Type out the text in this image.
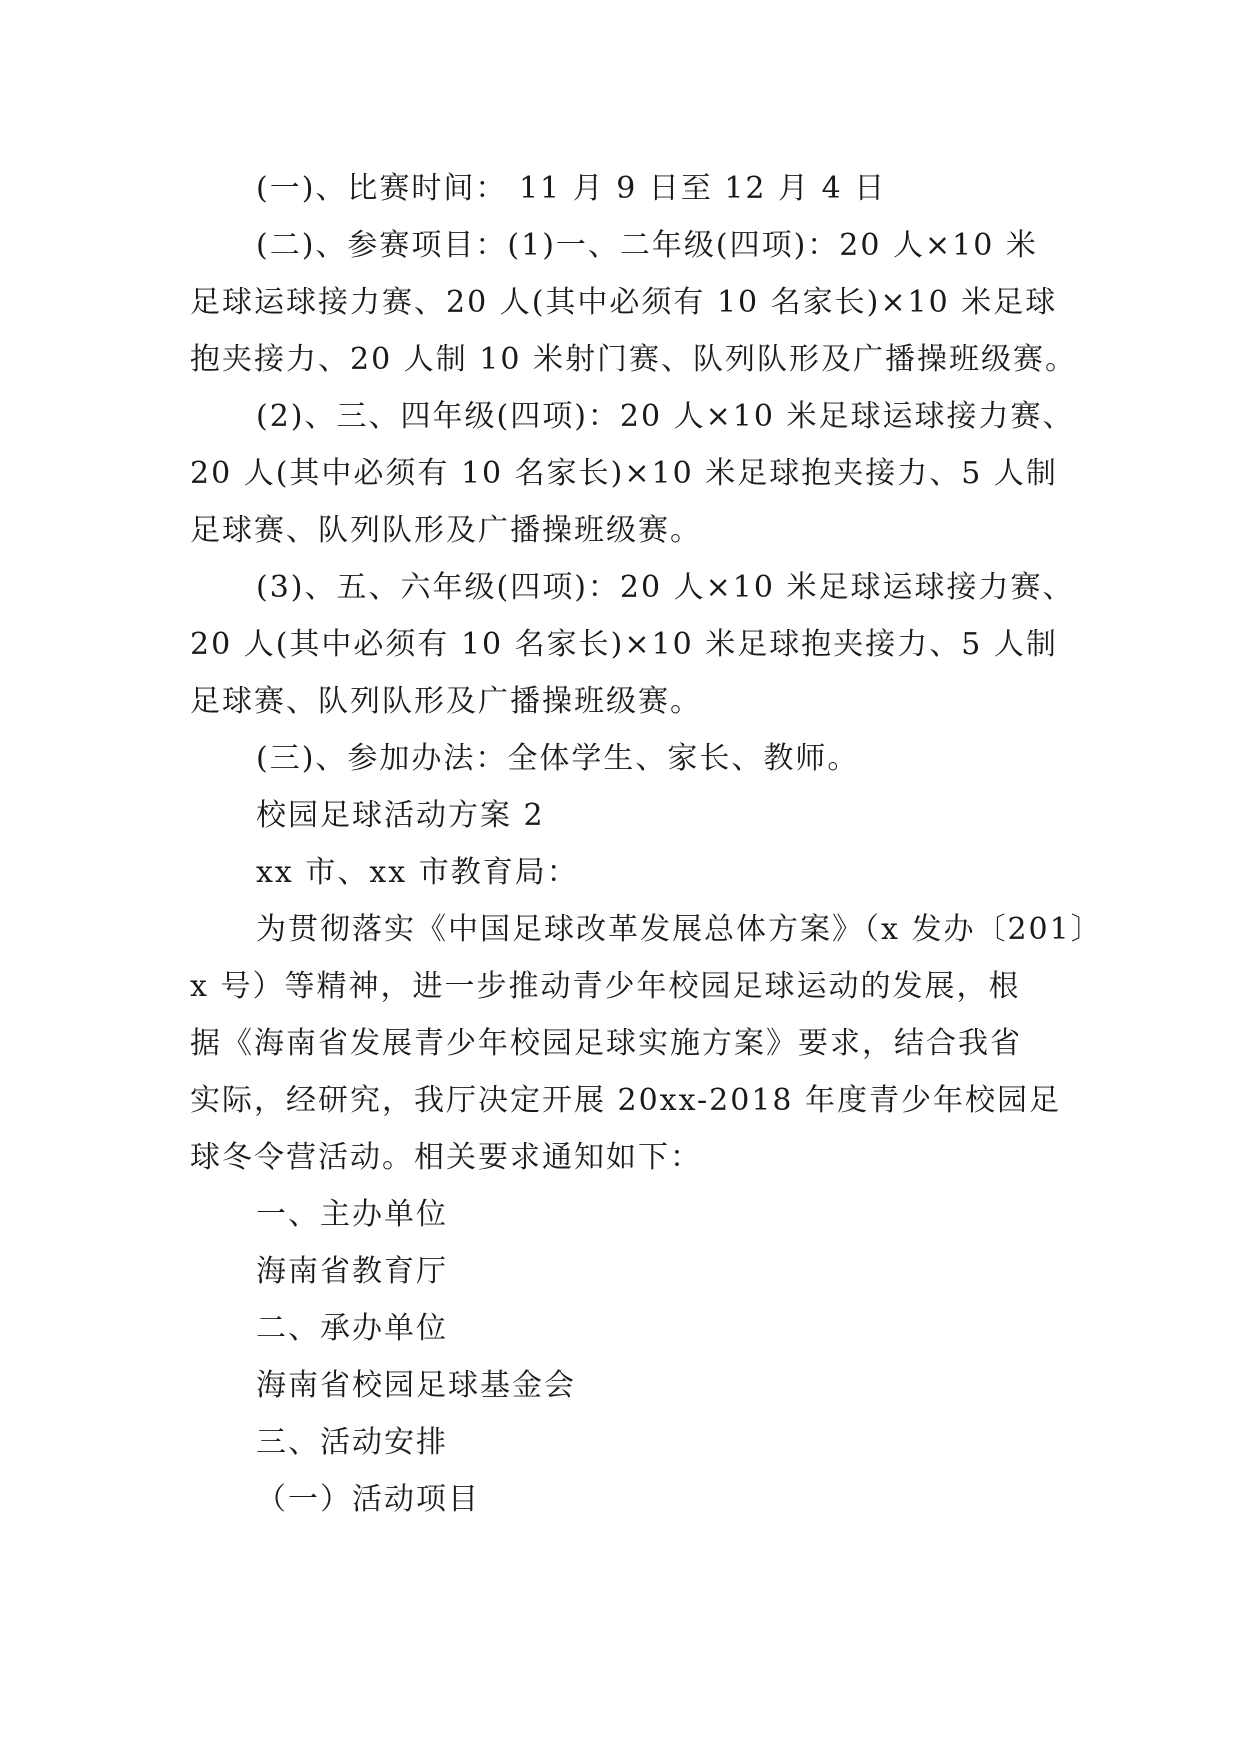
(一)、比赛时间： 11 月 9 日至 12 月 4 日
(二)、参赛项目：(1)一、二年级(四项)：20 人×10 米
足球运球接力赛、20 人(其中必须有 10 名家长)×10 米足球
抱夹接力、20 人制 10 米射门赛、队列队形及广播操班级赛。
(2)、三、四年级(四项)：20 人×10 米足球运球接力赛、
20 人(其中必须有 10 名家长)×10 米足球抱夹接力、5 人制
足球赛、队列队形及广播操班级赛。
(3)、五、六年级(四项)：20 人×10 米足球运球接力赛、
20 人(其中必须有 10 名家长)×10 米足球抱夹接力、5 人制
足球赛、队列队形及广播操班级赛。
(三)、参加办法：全体学生、家长、教师。
校园足球活动方案 2
xx 市、xx 市教育局：
为贯彻落实《中国足球改革发展总体方案》（x 发办〔201〕
x 号）等精神，进一步推动青少年校园足球运动的发展，根
据《海南省发展青少年校园足球实施方案》要求，结合我省
实际，经研究，我厅决定开展 20xx-2018 年度青少年校园足
球冬令营活动。相关要求通知如下：
一、主办单位
海南省教育厅
二、承办单位
海南省校园足球基金会
三、活动安排
（一）活动项目
